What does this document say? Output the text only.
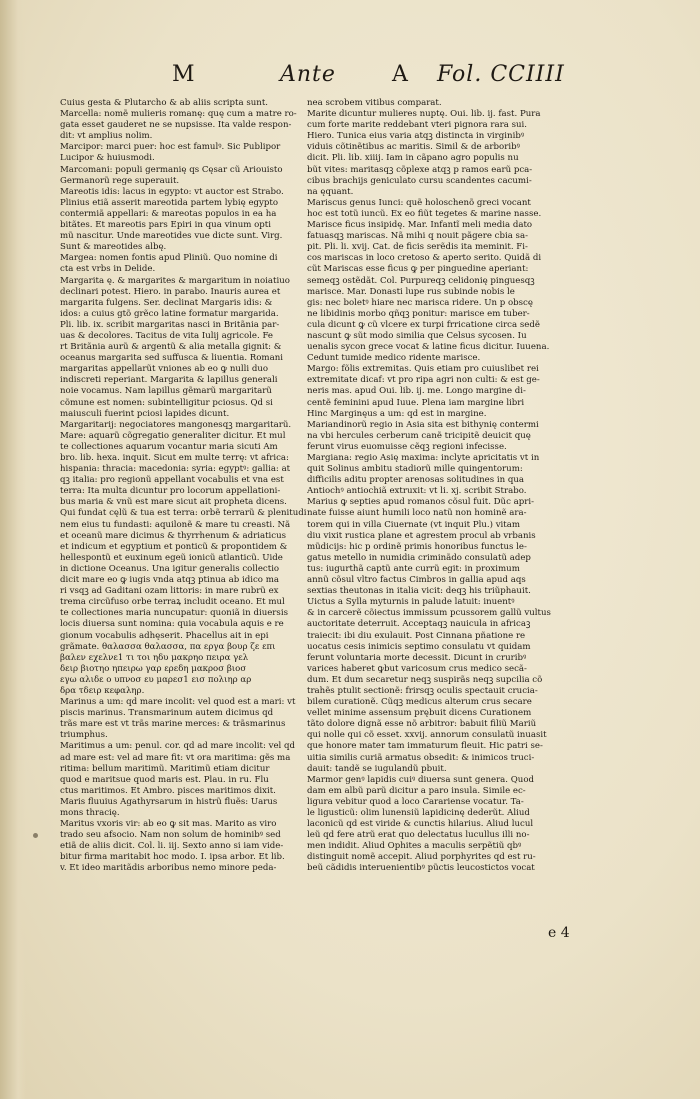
M	Ante	A Fol. CCIIII

Cuius gesta & Plutarcho & ab aliis scripta sunt.

Marcella: nomẽ mulieris romanę: quę cum a matre ro-

gata esset gauderet ne se nupsisse. Ita valde respon-

dit: vt amplius nolim.

Marcipor: marci puer: hoc est famulꝰ. Sic Publipor

Lucipor & huiusmodi.

Marcomani: populi germanię qs Cęsar cũ Ariouisto

Germanorũ rege superauit.

Mareotis idis: lacus in egypto: vt auctor est Strabo.

Plinius etiã asserit mareotida partem lybię egypto

contermiã appellari: & mareotas populos in ea ha

bitãtes. Et mareotis pars Epiri in qua vinum opti

mũ nascitur. Unde mareotides vue dicte sunt. Virg.

Sunt & mareotides albę.

Margea: nomen fontis apud Pliniũ. Quo nomine di

cta est vrbs in Delide.

Margarita ę. & margarites & margaritum in noiatiuo

declinari potest. Hiero. in parabo. Inauris aurea et

margarita fulgens. Ser. declinat Margaris idis: &

idos: a cuius gtõ grẽco latine formatur margarida.

Pli. lib. ix. scribit margaritas nasci in Britãnia par-

uas & decolores. Tacitus de vita Iulij agricole. Fe

rt Britãnia aurũ & argentũ & alia metalla gignit: &

oceanus margarita sed suffusca & liuentia. Romani

margaritas appellarũt vniones ab eo ꝙ nulli duo

indiscreti reperiant. Margarita & lapillus generali

noie vocamus. Nam lapillus gẽmarũ margaritarũ

cõmune est nomen: subintelligitur pciosus. Qd si

maiusculi fuerint pciosi lapides dicunt.

Margaritarij: negociatores mangonesqꝫ margaritarũ.

Mare: aquarũ cõgregatio generaliter dicitur. Et mul

te collectiones aquarum vocantur maria sicuti Am

bro. lib. hexa. inquit. Sicut em multe terrę: vt africa:

hispania: thracia: macedonia: syria: egyptꝰ: gallia: at

qꝫ italia: pro regionũ appellant vocabulis et vna est

terra: Ita multa dicuntur pro locorum appellationi-

bus maria & vnũ est mare sicut ait propheta dicens.

Qui fundat cęlũ & tua est terra: orbẽ terrarũ & plenitudi

nem eius tu fundasti: aquilonẽ & mare tu creasti. Nã

et oceanũ mare dicimus & thyrrhenum & adriaticus

et indicum et egyptium et ponticũ & propontidem &

hellespontũ et euxinum egeũ ionicũ atlanticũ. Uide

in dictione Oceanus. Una igitur generalis collectio

dicit mare eo ꝙ iugis vnda atqꝫ ptinua ab idico ma

ri vsqꝫ ad Gaditani ozam littoris: in mare rubrũ ex

trema circũfuso orbe terraꝝ includit oceano. Et mul

te collectiones maria nuncupatur: quoniã in diuersis

locis diuersa sunt nomina: quia vocabula aquis e re

gionum vocabulis adhęserit. Phacellus ait in epi

grãmate. θαλασσα θαλασσα, πα εργα βουρ ζε επι

βαλεν εχελνε1 τι τοι ηδυ μακρηο πειρα γελ

δειρ βιοτηο ηπειρω γαρ ερεδη μακροσ βιοσ

εγω αλιδε ο υπνοσ ευ μαρεσ1 εισ πολιηρ αρ

δρα τδειρ κεφαληρ.

Marinus a um: qd mare incolit: vel quod est a mari: vt

piscis marinus. Transmarinum autem dicimus qd

trãs mare est vt trãs marine merces: & trãsmarinus

triumphus.

Maritimus a um: penul. cor. qd ad mare incolit: vel qd

ad mare est: vel ad mare fit: vt ora maritima: gẽs ma

ritima: bellum maritimũ. Maritimũ etiam dicitur

quod e maritsue quod maris est. Plau. in ru. Flu

ctus maritimos. Et Ambro. pisces maritimos dixit.

Maris fluuius Agathyrsarum in histrũ fluẽs: Uarus

mons thracię.

Maritus vxoris vir: ab eo ꝙ sit mas. Marito as viro

trado seu afsocio. Nam non solum de hominibꝰ sed

etiã de aliis dicit. Col. li. iij. Sexto anno si iam vide-

bitur firma maritabit hoc modo. I. ipsa arbor. Et lib.

v. Et ideo maritãdis arboribus nemo minore peda-

nea scrobem vitibus comparat.

Marite dicuntur mulieres nuptę. Oui. lib. ij. fast. Pura

cum forte marite reddebant vteri pignora rara sui.

Hiero. Tunica eius varia atqꝫ distincta in virginibꝰ

viduis cõtinẽtibus ac maritis. Simil & de arboribꝰ

dicit. Pli. lib. xiiij. Iam in cãpano agro populis nu

bũt vites: maritasqꝫ cõplexe atqꝫ p ramos earũ pca-

cibus brachijs geniculato cursu scandentes cacumi-

na ęquant.

Mariscus genus Iunci: quẽ holoschenõ greci vocant

hoc est totũ iuncũ. Ex eo fiũt tegetes & marine nasse.

Marisce ficus insipidę. Mar. Infantĩ meli media dato

fatuasqꝫ mariscas. Nã mihi q nouit pãgere cbia sa-

pit. Pli. li. xvij. Cat. de ficis serẽdis ita meminit. Fi-

cos mariscas in loco cretoso & aperto serito. Quidã di

cũt Mariscas esse ficus ꝙ per pinguedine aperiant:

semeqꝫ ostẽdãt. Col. Purpureqꝫ celidonię pinguesqꝫ

marisce. Mar. Donasti lupe rus subinde nobis le

gis: nec boletꝰ hiare nec marisca ridere. Ũn p obscę

ne libidinis morbo qñqꝫ ponitur: marisce em tuber-

cula dicunt ꝙ cũ vlcere ex turpi frricatione circa sedẽ

nascunt ꝙ sũt modo similia que Celsus sycosen. Iu

uenalis sycon grece vocat & latine ficus dicitur. Iuuena.

Cedunt tumide medico ridente marisce.

Margo: fõlis extremitas. Quis etiam pro cuiuslibet rei

extremitate dicaf: vt pro ripa agri non culti: & est ge-

neris mas. apud Oui. lib. ij. me. Longo margine di-

centẽ feminini apud Iuue. Plena iam margine libri

Hinc Marginęus a um: qd est in margine.

Mariandinorũ regio in Asia sita est bithynię contermi

na vbi hercules cerberum canẽ tricipitẽ deuicit quę

ferunt virus euomuisse cẽqꝫ regioni infecisse.

Margiana: regio Asię maxima: inclyte apricitatis vt in

quit Solinus ambitu stadiorũ mille quingentorum:

difficilis aditu propter arenosas solitudines in qua

Antiochꝰ antiochiã extruxit: vt li. xj. scribit Strabo.

Marius ꝙ septies apud romanos cõsul fuit. Dũc apri-

nate fuisse aiunt humili loco natũ non hominẽ ara-

torem qui in villa Ciuernate (vt inquit Plu.) vitam

diu vixit rustica plane et agrestem procul ab vrbanis

mũdicijs: hic p ordinẽ primis honoribus functus le-

gatus metello in numidia criminãdo consulatũ adep

tus: iugurthã captũ ante currũ egit: in proximum

annũ cõsul vltro factus Cimbros in gallia apud aqs

sextias theutonas in italia vicit: deqꝫ his triũphauit.

Uictus a Sylla myturnis in palude latuit: inuentꝰ

& in carcerẽ cõiectus immissum pcussorem gallũ vultus

auctoritate deterruit. Acceptaqꝫ nauicula in africaꝫ

traiecit: ibi diu exulauit. Post Cinnana pñatione re

uocatus cesis inimicis septimo consulatu vt quidam

ferunt voluntaria morte decessit. Dicunt in cruribꝰ

varices haberet ꝙbut varicosum crus medico secã-

dum. Et dum secaretur neqꝫ suspirãs neqꝫ supcilia cõ

trahẽs ptulit sectionẽ: frirsqꝫ oculis spectauit crucia-

bilem curationẽ. Cũqꝫ medicus alterum crus secare

vellet minime assensum prębuit dicens Curationem

tãto dolore dignã esse nõ arbitror: babuit filiũ Mariũ

qui nolle qui cõ esset. xxvij. annorum consulatũ inuasit

que honore mater tam immaturum fleuit. Hic patri se-

uitia similis curiã armatus obsedit: & inimicos truci-

dauit: tandẽ se iugulandũ pbuit.

Marmor genꝰ lapidis cuiꝰ diuersa sunt genera. Quod

dam em albũ parũ dicitur a paro insula. Simile ec-

ligura vebitur quod a loco Carariense vocatur. Ta-

le ligusticũ: olim lunensiũ lapidicinę dederũt. Aliud

laconicũ qd est viride & cunctis hilarius. Aliud lucul

leũ qd fere atrũ erat quo delectatus lucullus illi no-

men indidit. Aliud Ophites a maculis serpẽtiũ qbꝰ

distinguit nomẽ accepit. Aliud porphyrites qd est ru-

beũ cãdidis interuenientibꝰ pũctis leucostictos vocat

e 4
